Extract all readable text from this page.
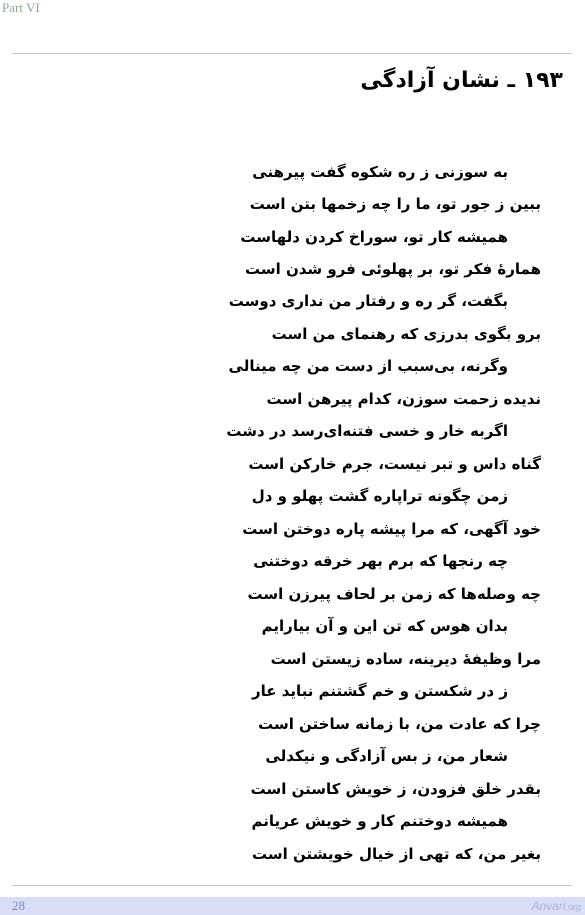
Part VI
۱۹۳ ـ نشان آزادگی
به سوزنی ز ره شکوه گفت پیرهنی
ببین ز جور تو، ما را چه زخمها بتن است
همیشه کار تو، سوراخ کردن دلهاست
همارهٔ فکر تو، بر پهلوئی فرو شدن است
بگفت، گر ره و رفتار من نداری دوست
برو بگوی بدرزی که رهنمای من است
وگرنه، بی‌سبب از دست من چه مینالی
ندیده زحمت سوزن، کدام پیرهن است
اگربه خار و خسی فتنه‌ای‌رسد در دشت
گناه داس و تبر نیست، جرم خارکن است
زمن چگونه تراپاره گشت پهلو و دل
خود آگهی، که مرا پیشه پاره دوختن است
چه رنجها که برم بهر خرقه دوختنی
چه وصله‌ها که زمن بر لحاف پیرزن است
بدان هوس که تن این و آن بیارایم
مرا وظیفهٔ دیرینه، ساده زیستن است
ز در شکستن و خم گشتنم نباید عار
چرا که عادت من، با زمانه ساختن است
شعار من، ز بس آزادگی و نیکدلی
بقدر خلق فزودن، ز خویش کاستن است
همیشه دوختنم کار و خویش عریانم
بغیر من، که تهی از خیال خویشتن است
28	Anvari.org
